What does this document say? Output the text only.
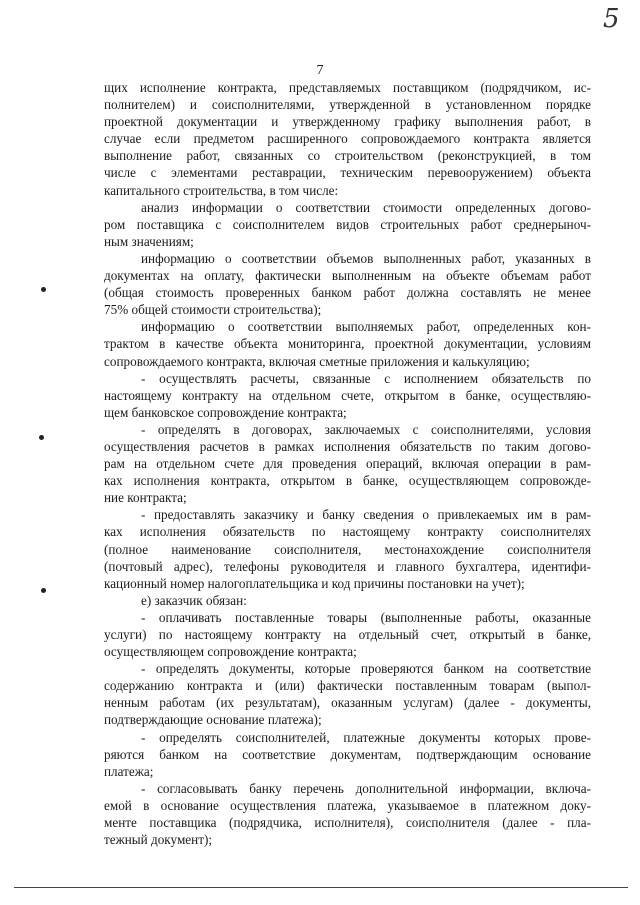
5
7
щих исполнение контракта, представляемых поставщиком (подрядчиком, ис-
полнителем) и соисполнителями, утвержденной в установленном порядке
проектной документации и утвержденному графику выполнения работ, в
случае если предметом расширенного сопровождаемого контракта является
выполнение работ, связанных со строительством (реконструкцией, в том
числе с элементами реставрации, техническим перевооружением) объекта
капитального строительства, в том числе:
анализ информации о соответствии стоимости определенных догово-
ром поставщика с соисполнителем видов строительных работ среднерыноч-
ным значениям;
информацию о соответствии объемов выполненных работ, указанных в
документах на оплату, фактически выполненным на объекте объемам работ
(общая стоимость проверенных банком работ должна составлять не менее
75% общей стоимости строительства);
информацию о соответствии выполняемых работ, определенных кон-
трактом в качестве объекта мониторинга, проектной документации, условиям
сопровождаемого контракта, включая сметные приложения и калькуляцию;
- осуществлять расчеты, связанные с исполнением обязательств по
настоящему контракту на отдельном счете, открытом в банке, осуществляю-
щем банковское сопровождение контракта;
- определять в договорах, заключаемых с соисполнителями, условия
осуществления расчетов в рамках исполнения обязательств по таким догово-
рам на отдельном счете для проведения операций, включая операции в рам-
ках исполнения контракта, открытом в банке, осуществляющем сопровожде-
ние контракта;
- предоставлять заказчику и банку сведения о привлекаемых им в рам-
ках исполнения обязательств по настоящему контракту соисполнителях
(полное наименование соисполнителя, местонахождение соисполнителя
(почтовый адрес), телефоны руководителя и главного бухгалтера, идентифи-
кационный номер налогоплательщика и код причины постановки на учет);
е) заказчик обязан:
- оплачивать поставленные товары (выполненные работы, оказанные
услуги) по настоящему контракту на отдельный счет, открытый в банке,
осуществляющем сопровождение контракта;
- определять документы, которые проверяются банком на соответствие
содержанию контракта и (или) фактически поставленным товарам (выпол-
ненным работам (их результатам), оказанным услугам) (далее - документы,
подтверждающие основание платежа);
- определять соисполнителей, платежные документы которых прове-
ряются банком на соответствие документам, подтверждающим основание
платежа;
- согласовывать банку перечень дополнительной информации, включа-
емой в основание осуществления платежа, указываемое в платежном доку-
менте поставщика (подрядчика, исполнителя), соисполнителя (далее - пла-
тежный документ);
